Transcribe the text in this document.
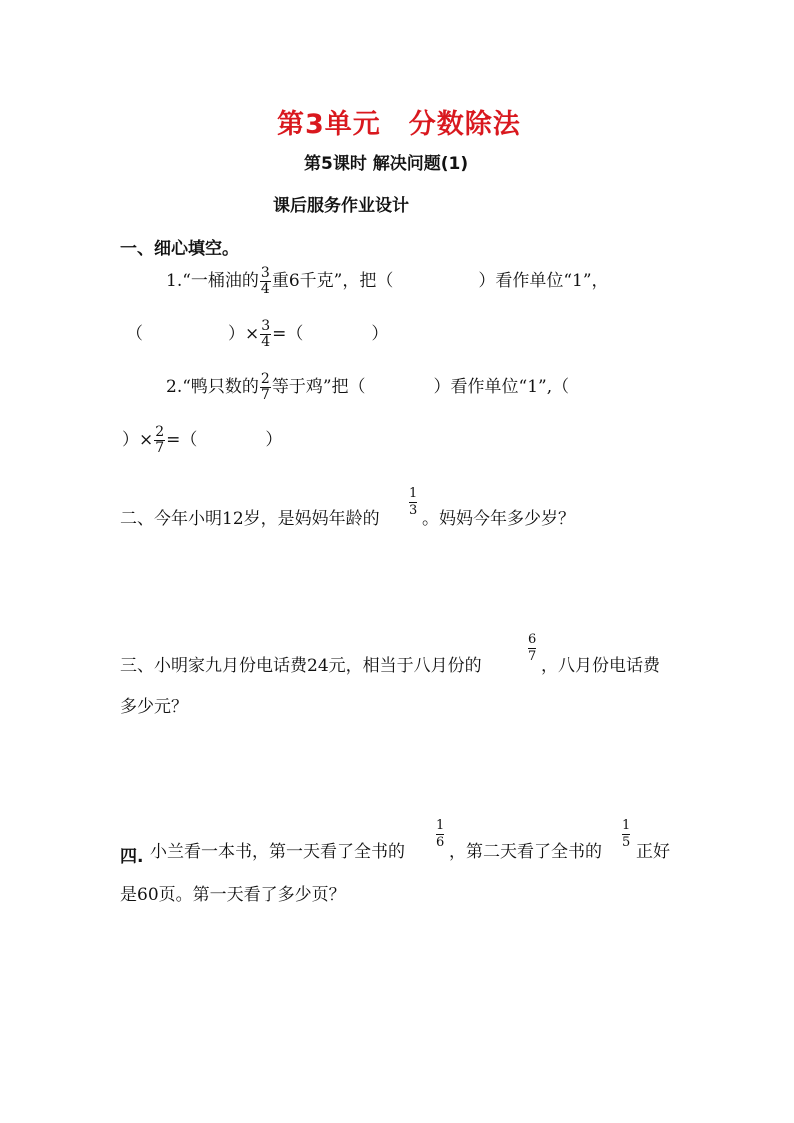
第3单元　分数除法
第5课时 解决问题(1)
课后服务作业设计
一、细心填空。
1.“一桶油的 $\frac{3}{4}$ 重6千克”，把（　　　　　）看作单位“1”，
（　　　　　）× $\frac{3}{4}$ =（　　　　）
2.“鸭只数的 $\frac{2}{7}$ 等于鸡”把（　　　　）看作单位“1”,（
）× $\frac{2}{7}$ =（　　　　）
二、今年小明12岁，是妈妈年龄的
1
3 。妈妈今年多少岁？
三、小明家九月份电话费24元，相当于八月份的
6
7 ，八月份电话费
多少元？
四. 小兰看一本书，第一天看了全书的
1
6 ，第二天看了全书的
1
5 正好
是60页。第一天看了多少页？
